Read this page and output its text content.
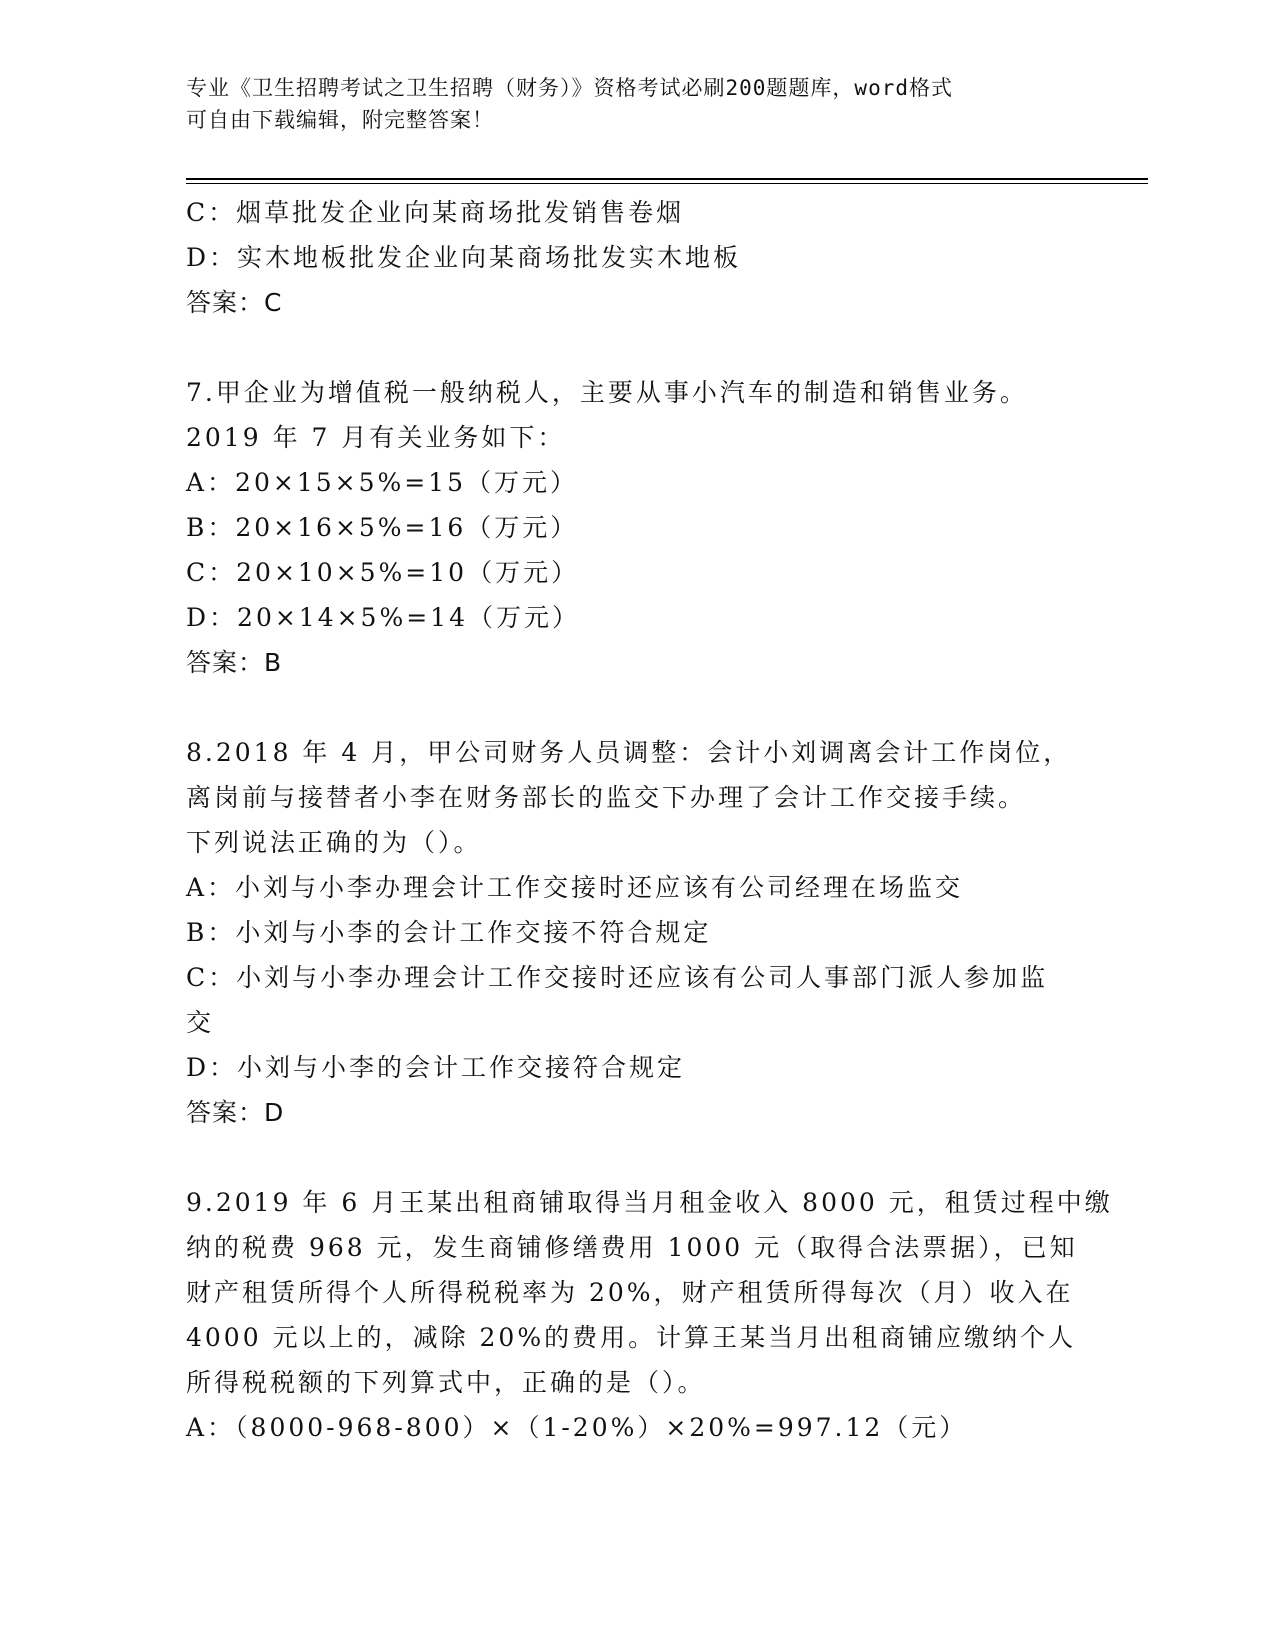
专业《卫生招聘考试之卫生招聘（财务）》资格考试必刷200题题库，word格式
可自由下载编辑，附完整答案！
C：烟草批发企业向某商场批发销售卷烟
D：实木地板批发企业向某商场批发实木地板
答案：C
7.甲企业为增值税一般纳税人，主要从事小汽车的制造和销售业务。
2019 年 7 月有关业务如下：
A：20×15×5%=15（万元）
B：20×16×5%=16（万元）
C：20×10×5%=10（万元）
D：20×14×5%=14（万元）
答案：B
8.2018 年 4 月，甲公司财务人员调整：会计小刘调离会计工作岗位，
离岗前与接替者小李在财务部长的监交下办理了会计工作交接手续。
下列说法正确的为（）。
A：小刘与小李办理会计工作交接时还应该有公司经理在场监交
B：小刘与小李的会计工作交接不符合规定
C：小刘与小李办理会计工作交接时还应该有公司人事部门派人参加监
交
D：小刘与小李的会计工作交接符合规定
答案：D
9.2019 年 6 月王某出租商铺取得当月租金收入 8000 元，租赁过程中缴
纳的税费 968 元，发生商铺修缮费用 1000 元（取得合法票据），已知
财产租赁所得个人所得税税率为 20%，财产租赁所得每次（月）收入在
4000 元以上的，减除 20%的费用。计算王某当月出租商铺应缴纳个人
所得税税额的下列算式中，正确的是（）。
A：（8000-968-800）×（1-20%）×20%=997.12（元）
